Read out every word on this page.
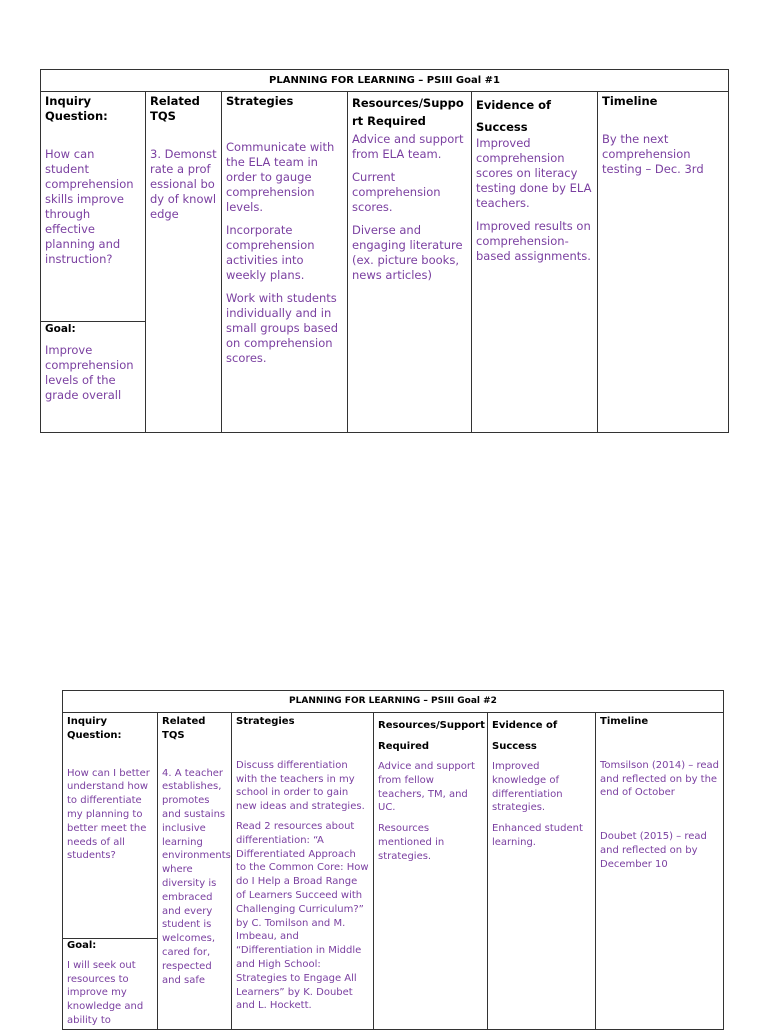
PLANNING FOR LEARNING – PSIII Goal #1
Inquiry Question:
How can student comprehension skills improve through effective planning and instruction?
Goal:
Improve comprehension levels of the grade overall
Related TQS
3. Demonstrate a professional body of knowledge
Strategies
Communicate with the ELA team in order to gauge comprehension levels.
Incorporate comprehension activities into weekly plans.
Work with students individually and in small groups based on comprehension scores.
Resources/Support Required
Advice and support from ELA team.
Current comprehension scores.
Diverse and engaging literature (ex. picture books, news articles)
Evidence of Success
Improved comprehension scores on literacy testing done by ELA teachers.
Improved results on comprehension-based assignments.
Timeline
By the next comprehension testing – Dec. 3rd
PLANNING FOR LEARNING – PSIII Goal #2
Inquiry Question:
How can I better understand how to differentiate my planning to better meet the needs of all students?
Goal:
I will seek out resources to improve my knowledge and ability to
Related TQS
4. A teacher establishes, promotes and sustains inclusive learning environments where diversity is embraced and every student is welcomes, cared for, respected and safe
Strategies
Discuss differentiation with the teachers in my school in order to gain new ideas and strategies.
Read 2 resources about differentiation: “A Differentiated Approach to the Common Core: How do I Help a Broad Range of Learners Succeed with Challenging Curriculum?” by C. Tomilson and M. Imbeau, and “Differentiation in Middle and High School: Strategies to Engage All Learners” by K. Doubet and L. Hockett.
Resources/Support Required
Advice and support from fellow teachers, TM, and UC.
Resources mentioned in strategies.
Evidence of Success
Improved knowledge of differentiation strategies.
Enhanced student learning.
Timeline
Tomsilson (2014) – read and reflected on by the end of October
Doubet (2015) – read and reflected on by December 10
